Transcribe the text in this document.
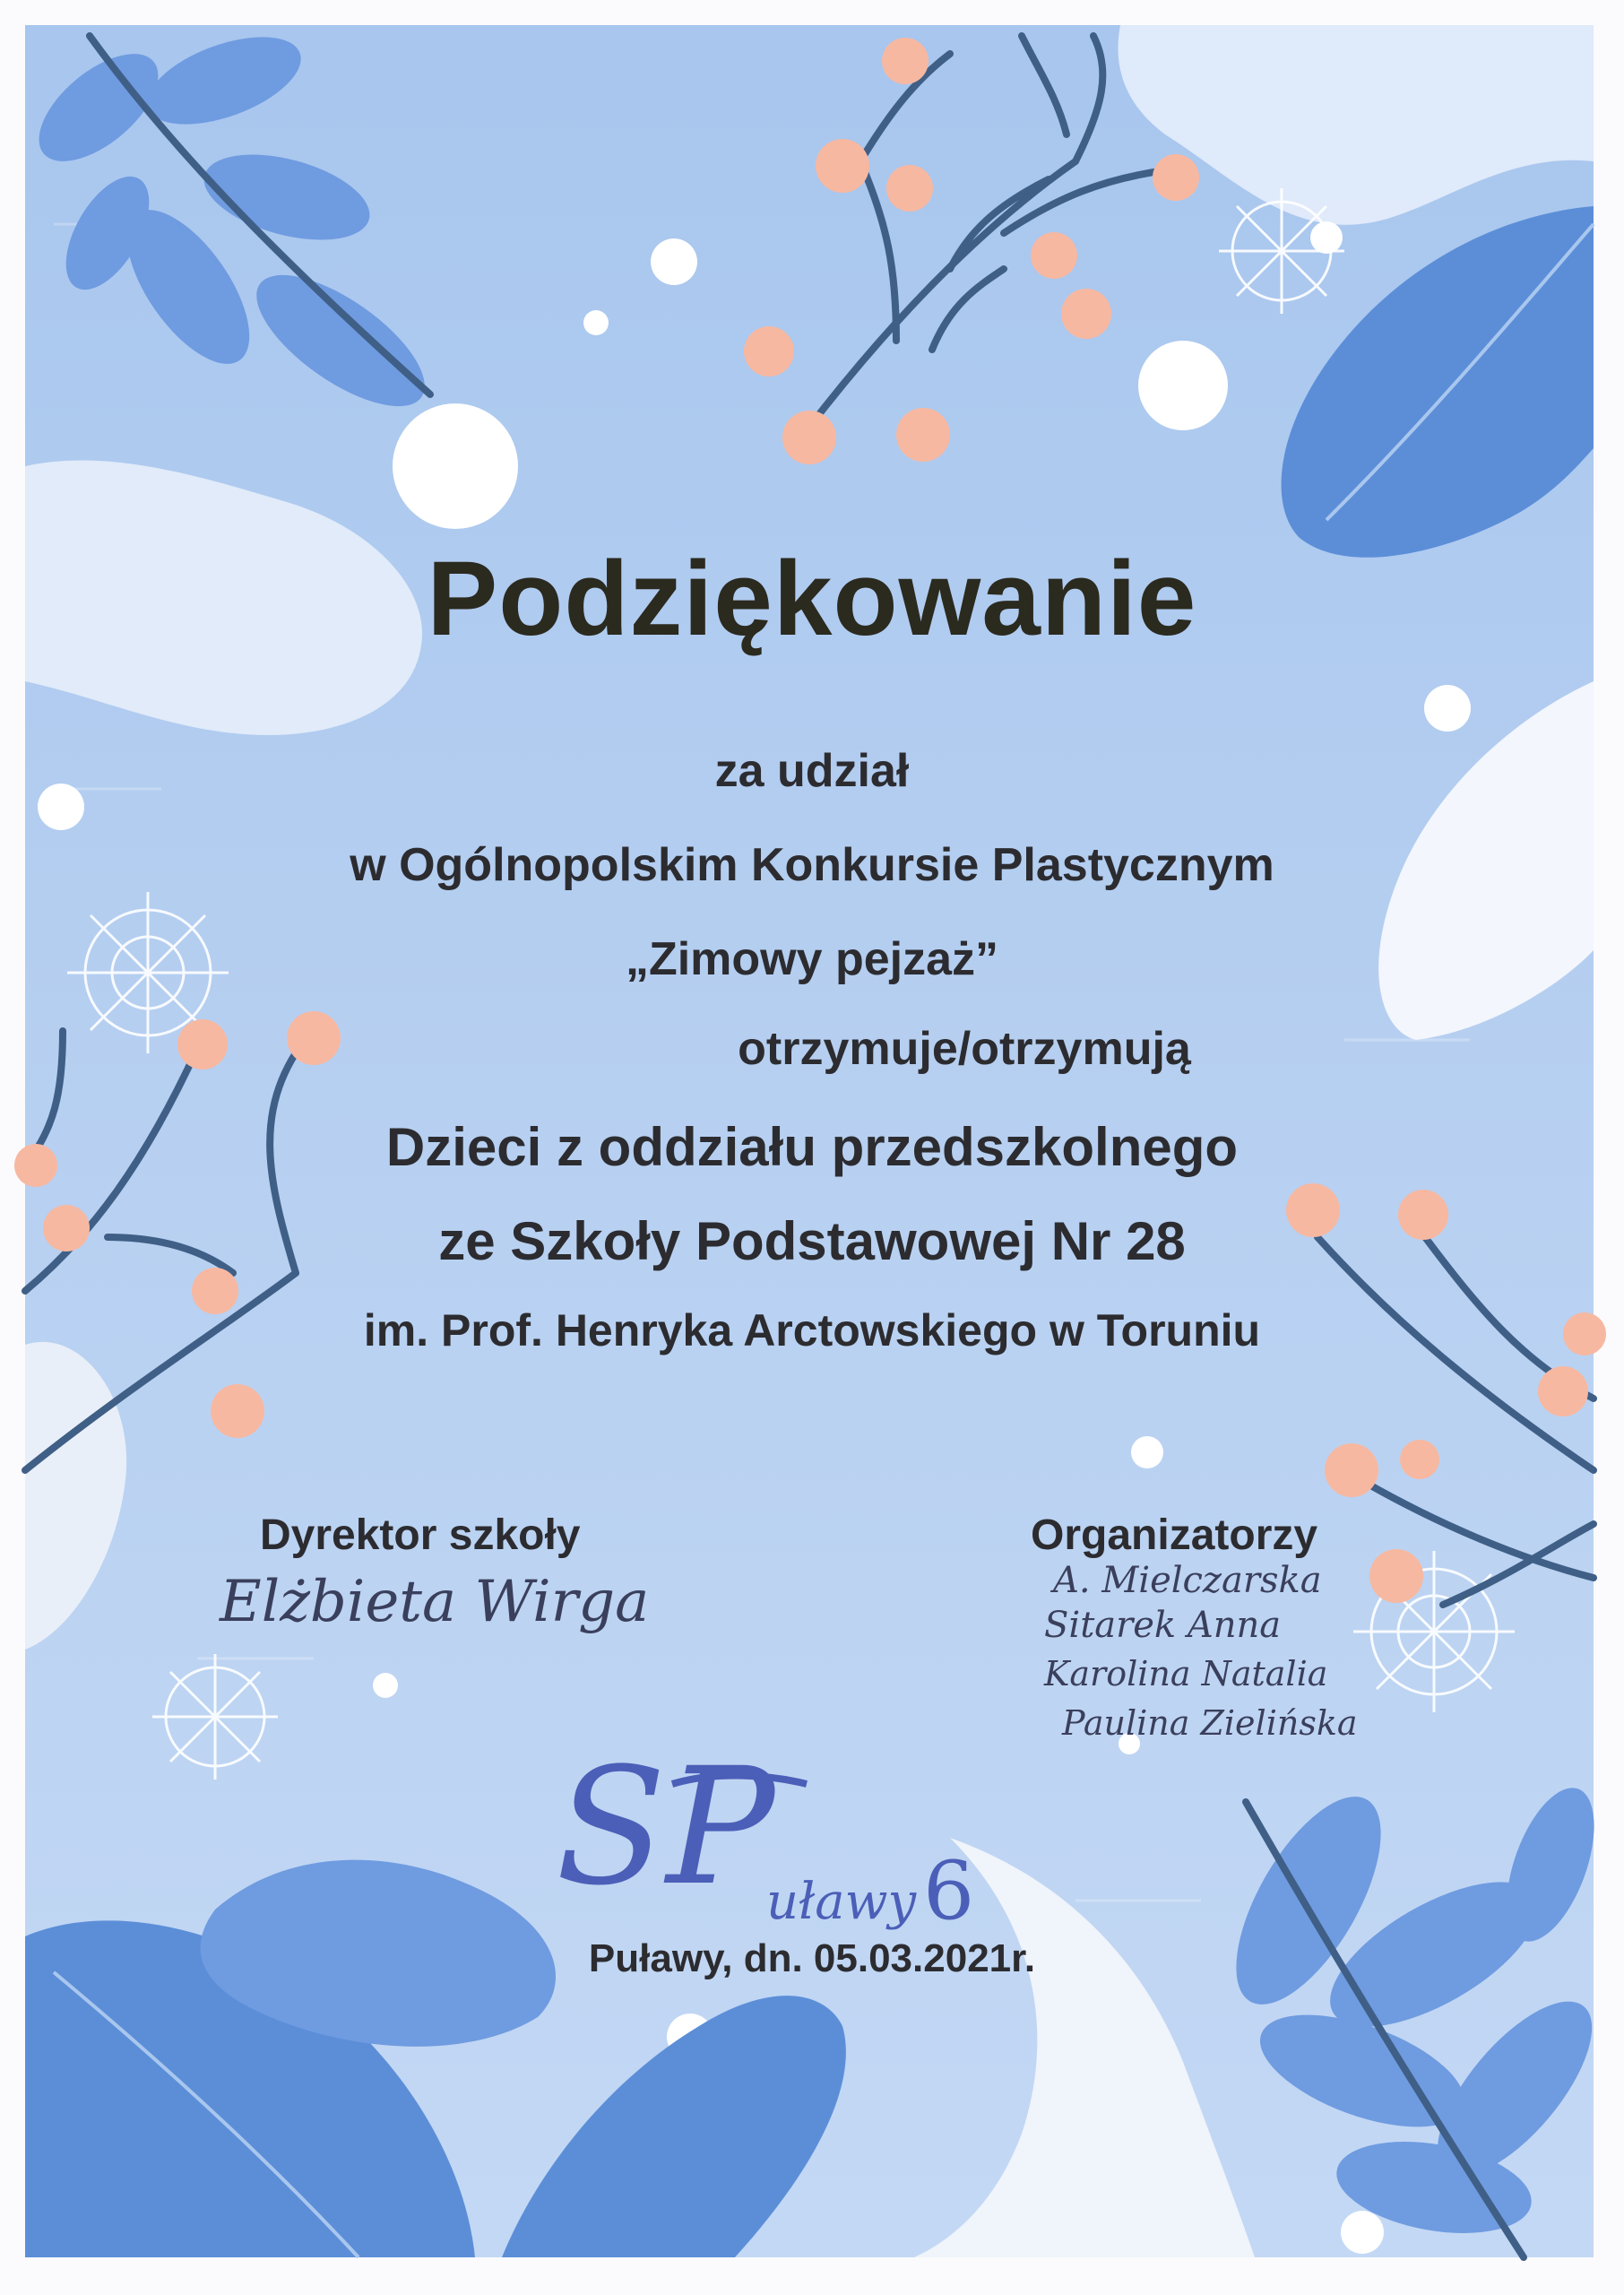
Podziękowanie
za udział
w Ogólnopolskim Konkursie Plastycznym
„Zimowy pejzaż”
otrzymuje/otrzymują
Dzieci z oddziału przedszkolnego
ze Szkoły Podstawowej Nr 28
im. Prof. Henryka Arctowskiego w Toruniu
Dyrektor szkoły
Elżbieta Wirga
Organizatorzy
A. Mielczarska
Sitarek Anna
Karolina Natalia
Paulina Zielińska
SP
uławy 6
Puławy, dn. 05.03.2021r.
